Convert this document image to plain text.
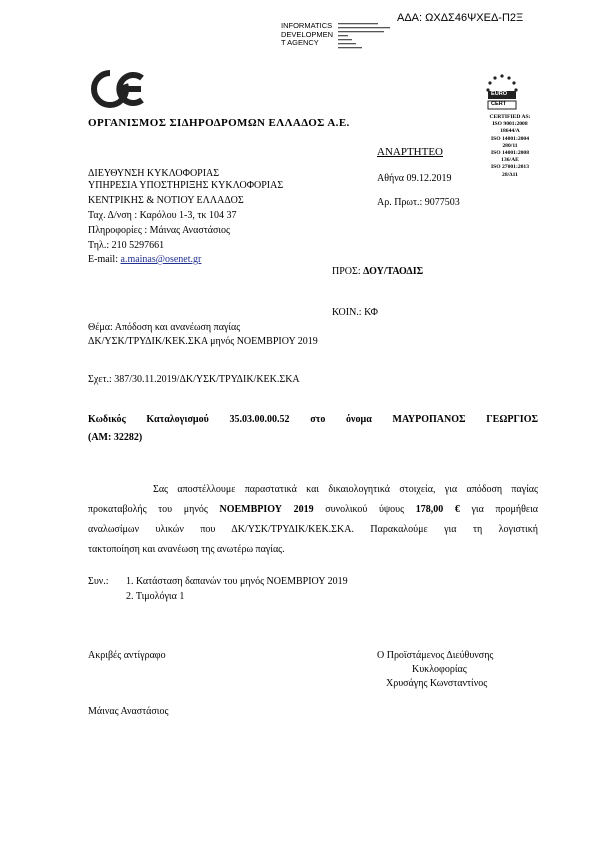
ΑΔΑ: ΩΧΔΣ46ΨΧΕΔ-Π2Ξ
INFORMATICS
DEVELOPMEN
T AGENCY
ΟΡΓΑΝΙΣΜΟΣ ΣΙΔΗΡΟΔΡΟΜΩΝ ΕΛΛΑΔΟΣ Α.Ε.
EURO
CERT
CERTIFIED AS:
ISO 9001:2008
18644/A
ISO 14001:2004
280/11
ISO 14001:2008
136/AE
ISO 27001:2013
28/Δ11
ΑΝΑΡΤΗΤΕΟ
ΔΙΕΥΘΥΝΣΗ ΚΥΚΛΟΦΟΡΙΑΣ
ΥΠΗΡΕΣΙΑ ΥΠΟΣΤΗΡΙΞΗΣ ΚΥΚΛΟΦΟΡΙΑΣ
ΚΕΝΤΡΙΚΗΣ & ΝΟΤΙΟΥ ΕΛΛΑΔΟΣ
Ταχ. Δ/νση : Καρόλου 1-3, τκ 104 37
Πληροφορίες : Μάινας Αναστάσιος
Τηλ.: 210 5297661
E-mail: a.mainas@osenet.gr
Αθήνα 09.12.2019
Αρ. Πρωτ.: 9077503
ΠΡΟΣ: ΔΟΥ/ΤΑΟΔΙΣ
ΚΟΙΝ.: ΚΦ
Θέμα: Απόδοση και ανανέωση παγίας
ΔΚ/ΥΣΚ/ΤΡΥΔΙΚ/ΚΕΚ.ΣΚΑ μηνός ΝΟΕΜΒΡΙΟΥ 2019
Σχετ.: 387/30.11.2019/ΔΚ/ΥΣΚ/ΤΡΥΔΙΚ/ΚΕΚ.ΣΚΑ
Κωδικός Καταλογισμού 35.03.00.00.52 στο όνομα ΜΑΥΡΟΠΑΝΟΣ ΓΕΩΡΓΙΟΣ
(ΑΜ: 32282)
Σας αποστέλλουμε παραστατικά και δικαιολογητικά στοιχεία, για απόδοση παγίας
προκαταβολής του μηνός ΝΟΕΜΒΡΙΟΥ 2019 συνολικού ύψους 178,00 € για προμήθεια
αναλωσίμων υλικών που ΔΚ/ΥΣΚ/ΤΡΥΔΙΚ/ΚΕΚ.ΣΚΑ. Παρακαλούμε για τη λογιστική
τακτοποίηση και ανανέωση της ανωτέρω παγίας.
Συν.: 1. Κατάσταση δαπανών του μηνός ΝΟΕΜΒΡΙΟΥ 2019
2. Τιμολόγια 1
Ακριβές αντίγραφο	Ο Προϊστάμενος Διεύθυνσης
Κυκλοφορίας
Χρυσάγης Κωνσταντίνος
Μάινας Αναστάσιος
